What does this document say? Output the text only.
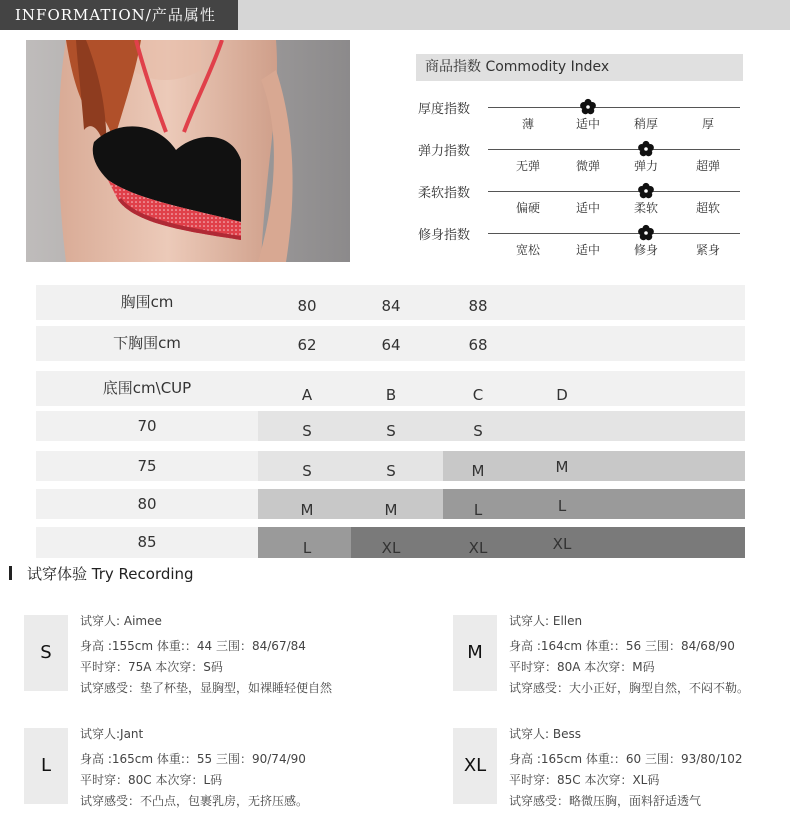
INFORMATION/产品属性
商品指数 Commodity Index
厚度指数
薄	适中	稍厚	厚
弹力指数
无弹	微弹	弹力	超弹
柔软指数
偏硬	适中	柔软	超软
修身指数
宽松	适中	修身	紧身
胸围cm	80	84	88
下胸围cm	62	64	68
底围cm\CUP	A	B	C	D
70	S	S	S
75	S	S	M	M
80	M	M	L	L
85	L	XL	XL	XL
试穿体验 Try Recording
S
试穿人: Aimee
身高 :155cm 体重:：44 三围：84/67/84
平时穿：75A 本次穿：S码
试穿感受：垫了杯垫，显胸型，如裸睡轻便自然
M
试穿人: Ellen
身高 :164cm 体重:：56 三围：84/68/90
平时穿：80A 本次穿：M码
试穿感受：大小正好，胸型自然，不闷不勒。
L
试穿人:Jant
身高 :165cm 体重:：55 三围：90/74/90
平时穿：80C 本次穿：L码
试穿感受：不凸点，包裹乳房，无挤压感。
XL
试穿人: Bess
身高 :165cm 体重:：60 三围：93/80/102
平时穿：85C 本次穿：XL码
试穿感受：略微压胸，面料舒适透气
